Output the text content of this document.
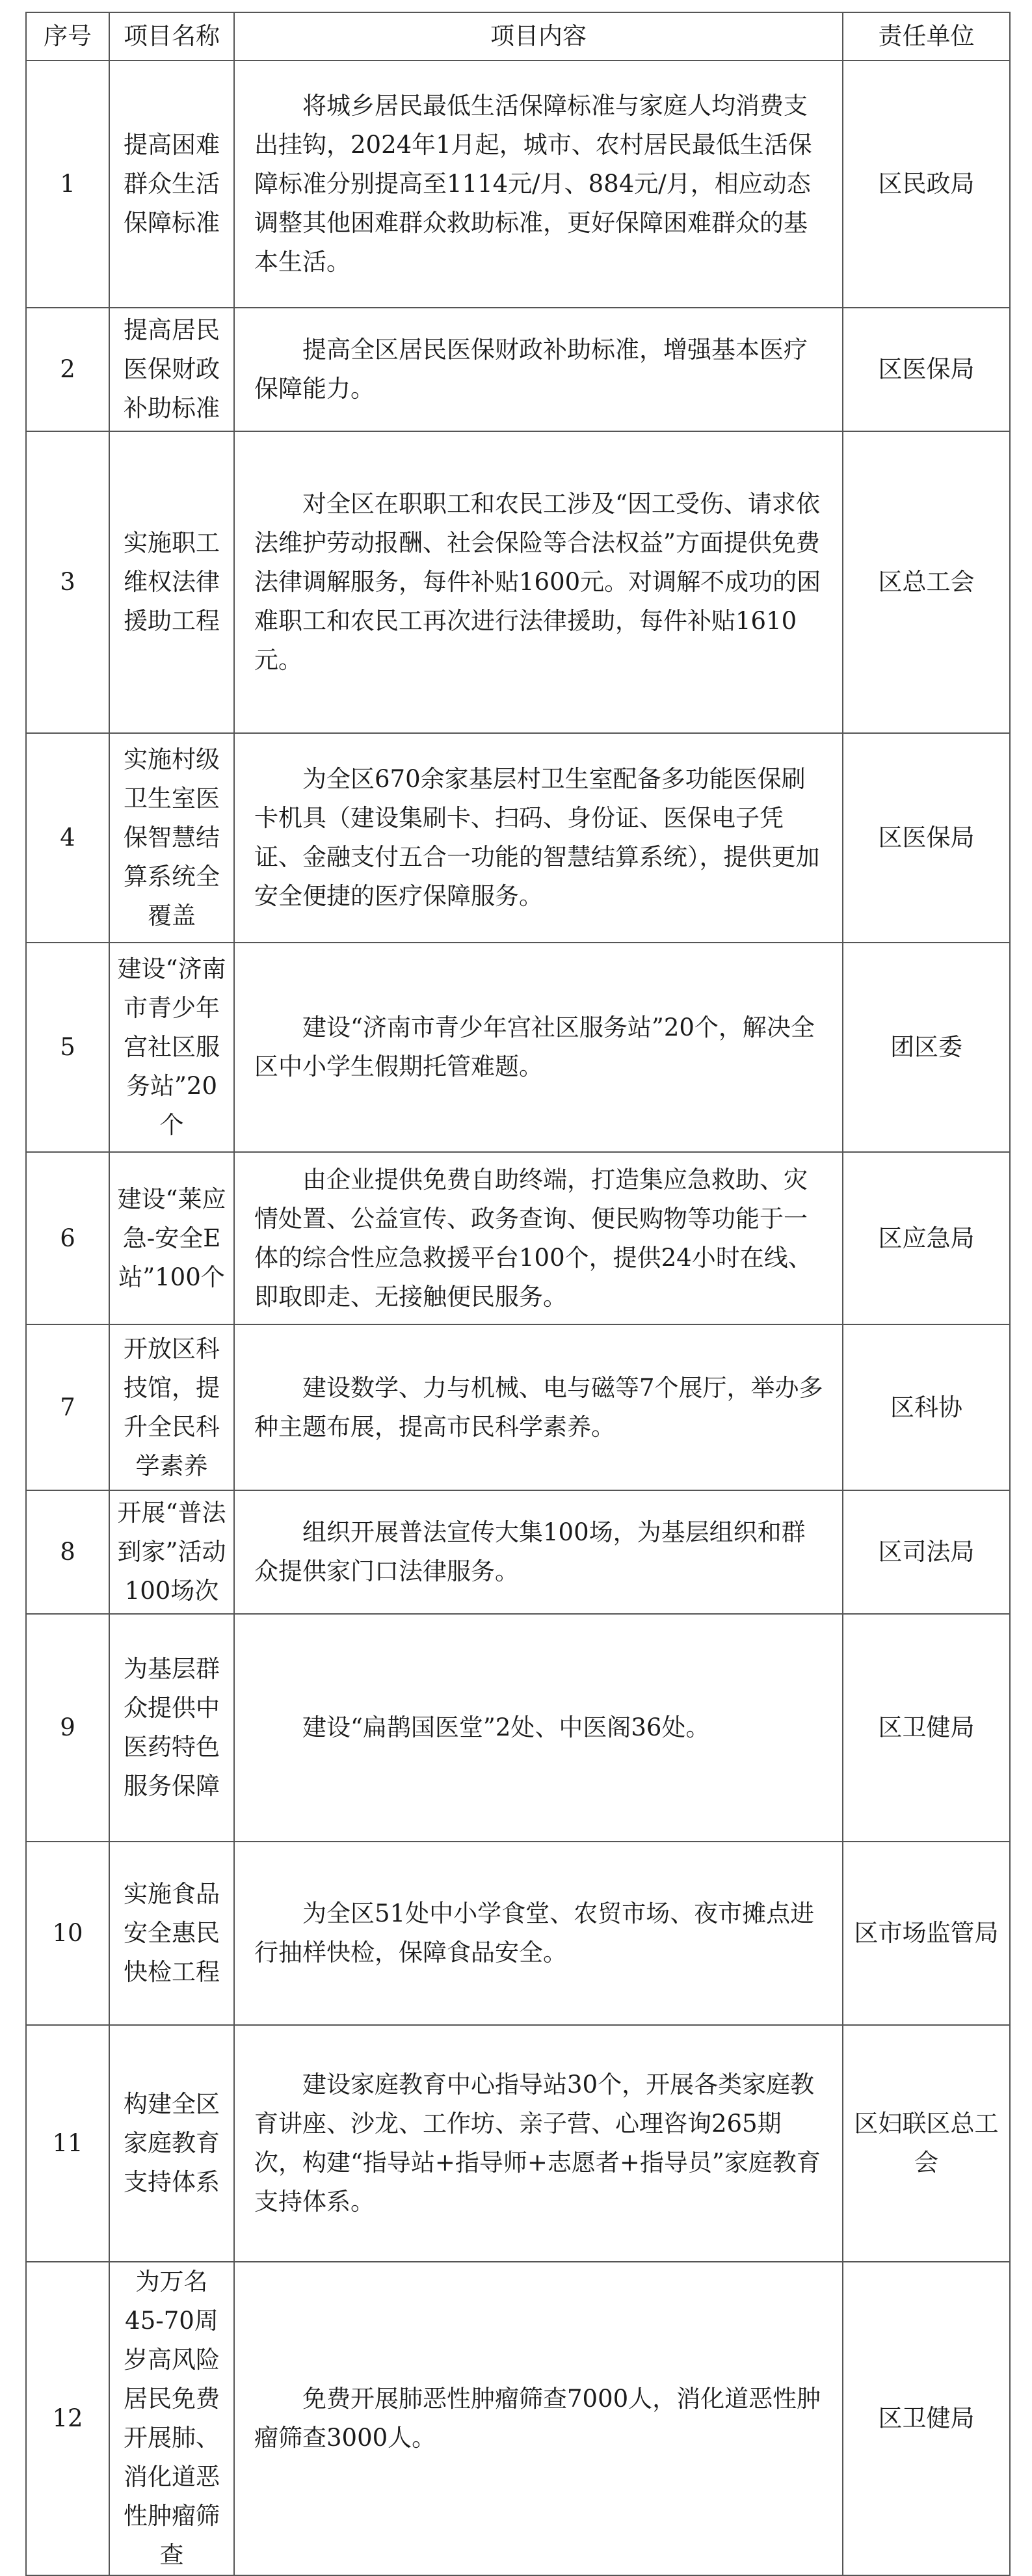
序号	项目名称	项目内容	责任单位
1	提高困难群众生活保障标准	将城乡居民最低生活保障标准与家庭人均消费支出挂钩，2024年1月起，城市、农村居民最低生活保障标准分别提高至1114元/月、884元/月，相应动态调整其他困难群众救助标准，更好保障困难群众的基本生活。	区民政局
2	提高居民医保财政补助标准	提高全区居民医保财政补助标准，增强基本医疗保障能力。	区医保局
3	实施职工维权法律援助工程	对全区在职职工和农民工涉及“因工受伤、请求依法维护劳动报酬、社会保险等合法权益”方面提供免费法律调解服务，每件补贴1600元。对调解不成功的困难职工和农民工再次进行法律援助，每件补贴1610元。	区总工会
4	实施村级卫生室医保智慧结算系统全覆盖	为全区670余家基层村卫生室配备多功能医保刷卡机具（建设集刷卡、扫码、身份证、医保电子凭证、金融支付五合一功能的智慧结算系统），提供更加安全便捷的医疗保障服务。	区医保局
5	建设“济南市青少年宫社区服务站”20个	建设“济南市青少年宫社区服务站”20个，解决全区中小学生假期托管难题。	团区委
6	建设“莱应急-安全E站”100个	由企业提供免费自助终端，打造集应急救助、灾情处置、公益宣传、政务查询、便民购物等功能于一体的综合性应急救援平台100个，提供24小时在线、即取即走、无接触便民服务。	区应急局
7	开放区科技馆，提升全民科学素养	建设数学、力与机械、电与磁等7个展厅，举办多种主题布展，提高市民科学素养。	区科协
8	开展“普法到家”活动100场次	组织开展普法宣传大集100场，为基层组织和群众提供家门口法律服务。	区司法局
9	为基层群众提供中医药特色服务保障	建设“扁鹊国医堂”2处、中医阁36处。	区卫健局
10	实施食品安全惠民快检工程	为全区51处中小学食堂、农贸市场、夜市摊点进行抽样快检，保障食品安全。	区市场监管局
11	构建全区家庭教育支持体系	建设家庭教育中心指导站30个，开展各类家庭教育讲座、沙龙、工作坊、亲子营、心理咨询265期次，构建“指导站+指导师+志愿者+指导员”家庭教育支持体系。	区妇联区总工会
12	为万名45-70周岁高风险居民免费开展肺、消化道恶性肿瘤筛查	免费开展肺恶性肿瘤筛查7000人，消化道恶性肿瘤筛查3000人。	区卫健局
